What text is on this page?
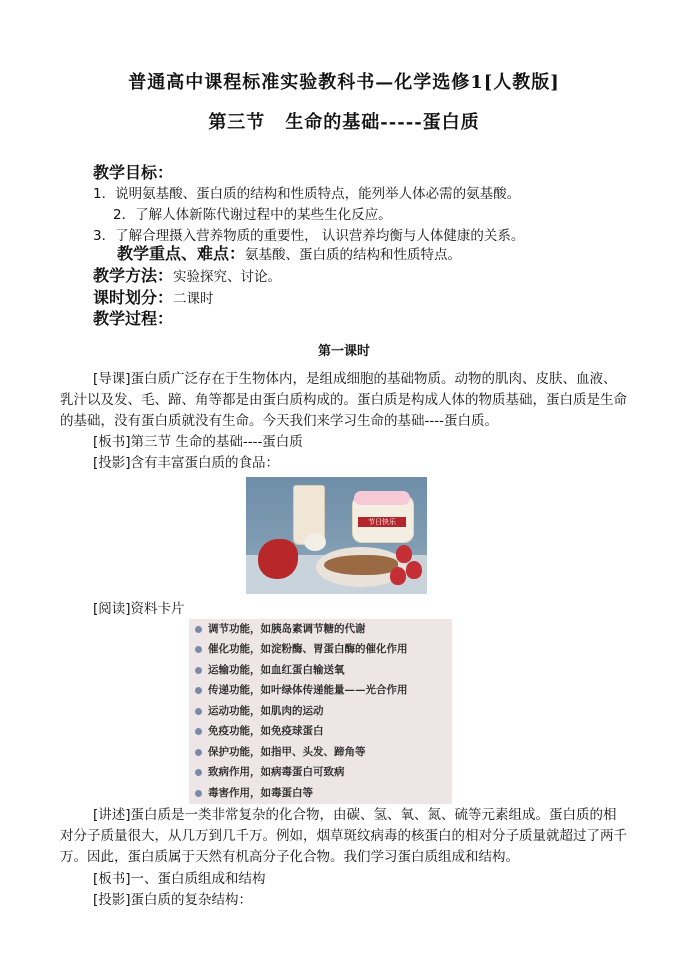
普通高中课程标准实验教科书—化学选修1[人教版]
第三节 生命的基础-----蛋白质
教学目标：
1．说明氨基酸、蛋白质的结构和性质特点，能列举人体必需的氨基酸。
2．了解人体新陈代谢过程中的某些生化反应。
3．了解合理摄入营养物质的重要性， 认识营养均衡与人体健康的关系。
教学重点、难点：氨基酸、蛋白质的结构和性质特点。
教学方法：实验探究、讨论。
课时划分：二课时
教学过程：
第一课时

[导课]蛋白质广泛存在于生物体内，是组成细胞的基础物质。动物的肌肉、皮肤、血液、乳汁以及发、毛、蹄、角等都是由蛋白质构成的。蛋白质是构成人体的物质基础，蛋白质是生命的基础，没有蛋白质就没有生命。今天我们来学习生命的基础----蛋白质。

[板书]第三节 生命的基础----蛋白质
[投影]含有丰富蛋白质的食品：
节日快乐
[阅读]资料卡片
调节功能，如胰岛素调节糖的代谢
催化功能，如淀粉酶、胃蛋白酶的催化作用
运输功能，如血红蛋白输送氧
传递功能，如叶绿体传递能量——光合作用
运动功能，如肌肉的运动
免疫功能，如免疫球蛋白
保护功能，如指甲、头发、蹄角等
致病作用，如病毒蛋白可致病
毒害作用，如毒蛋白等

[讲述]蛋白质是一类非常复杂的化合物，由碳、氢、氧、氮、硫等元素组成。蛋白质的相对分子质量很大，从几万到几千万。例如，烟草斑纹病毒的核蛋白的相对分子质量就超过了两千万。因此，蛋白质属于天然有机高分子化合物。我们学习蛋白质组成和结构。

[板书]一、蛋白质组成和结构
[投影]蛋白质的复杂结构：
